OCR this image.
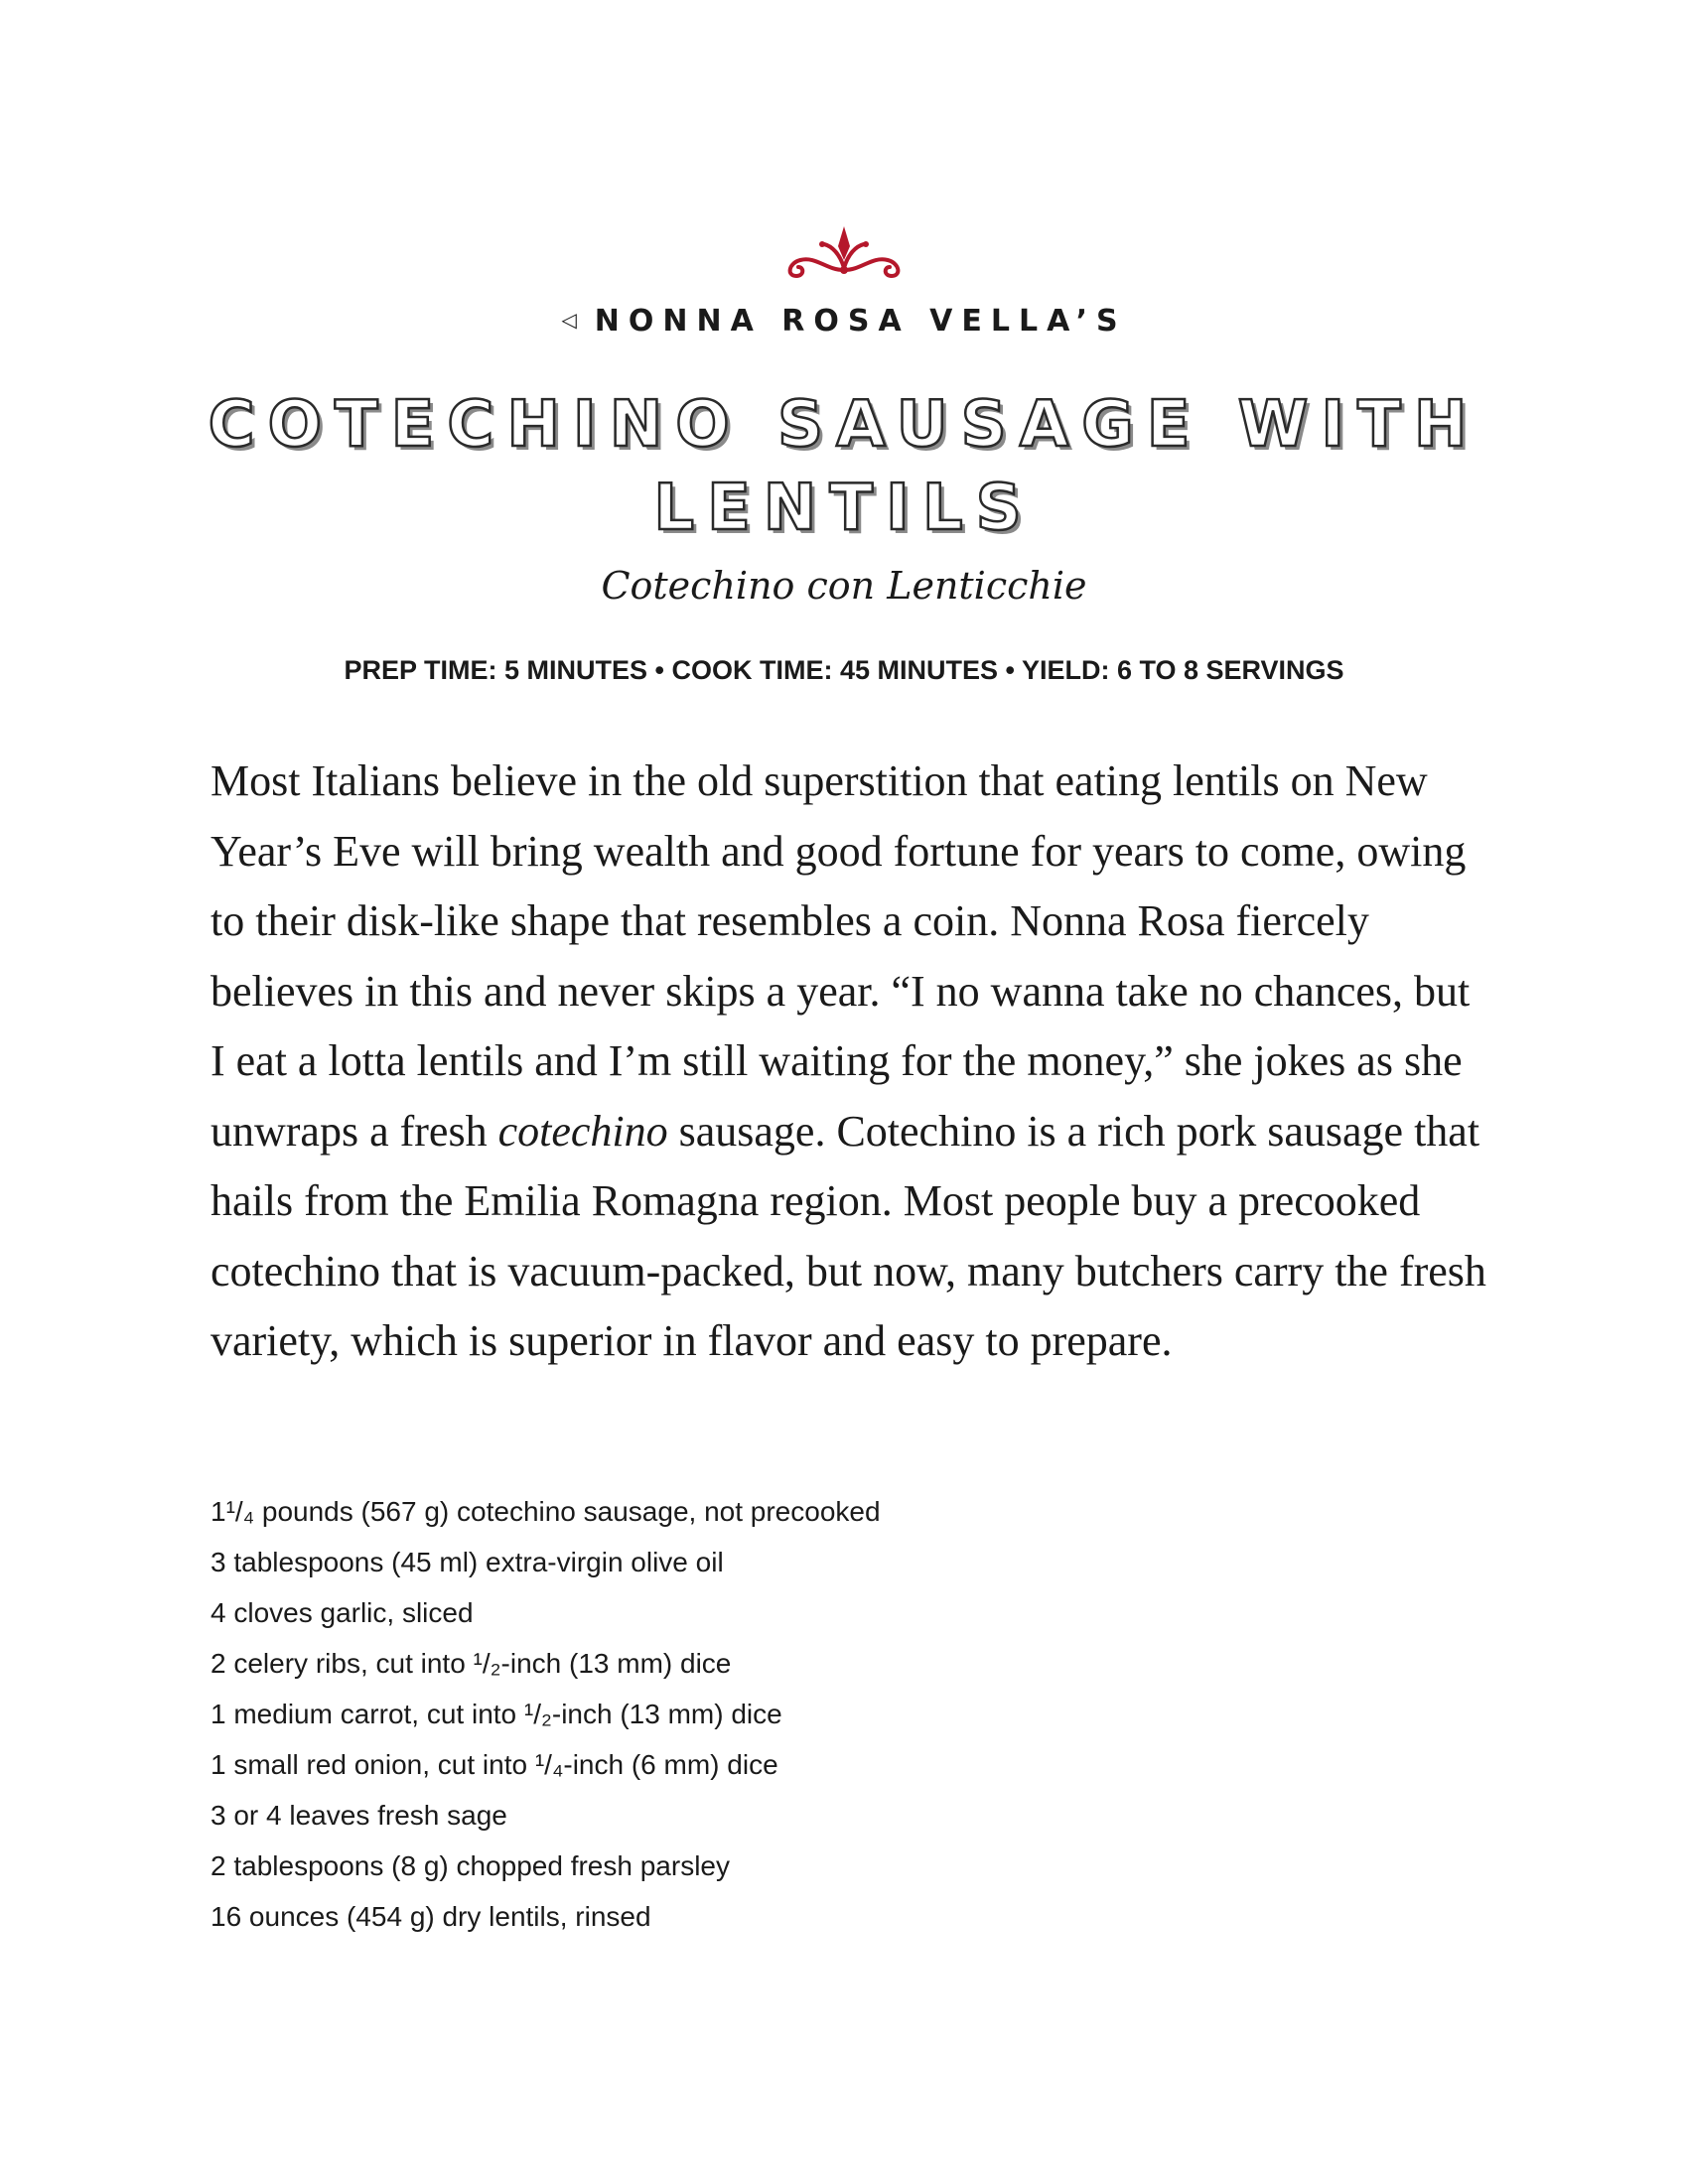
◁ NONNA ROSA VELLA’S
COTECHINO SAUSAGE WITH LENTILS
Cotechino con Lenticchie
PREP TIME: 5 MINUTES • COOK TIME: 45 MINUTES • YIELD: 6 TO 8 SERVINGS

Most Italians believe in the old superstition that eating lentils on New Year’s Eve will bring wealth and good fortune for years to come, owing to their disk-like shape that resembles a coin. Nonna Rosa fiercely believes in this and never skips a year. “I no wanna take no chances, but I eat a lotta lentils and I’m still waiting for the money,” she jokes as she unwraps a fresh cotechino sausage. Cotechino is a rich pork sausage that hails from the Emilia Romagna region. Most people buy a precooked cotechino that is vacuum-packed, but now, many butchers carry the fresh variety, which is superior in flavor and easy to prepare.

1¹/₄ pounds (567 g) cotechino sausage, not precooked
3 tablespoons (45 ml) extra-virgin olive oil
4 cloves garlic, sliced
2 celery ribs, cut into ¹/₂-inch (13 mm) dice
1 medium carrot, cut into ¹/₂-inch (13 mm) dice
1 small red onion, cut into ¹/₄-inch (6 mm) dice
3 or 4 leaves fresh sage
2 tablespoons (8 g) chopped fresh parsley
16 ounces (454 g) dry lentils, rinsed
